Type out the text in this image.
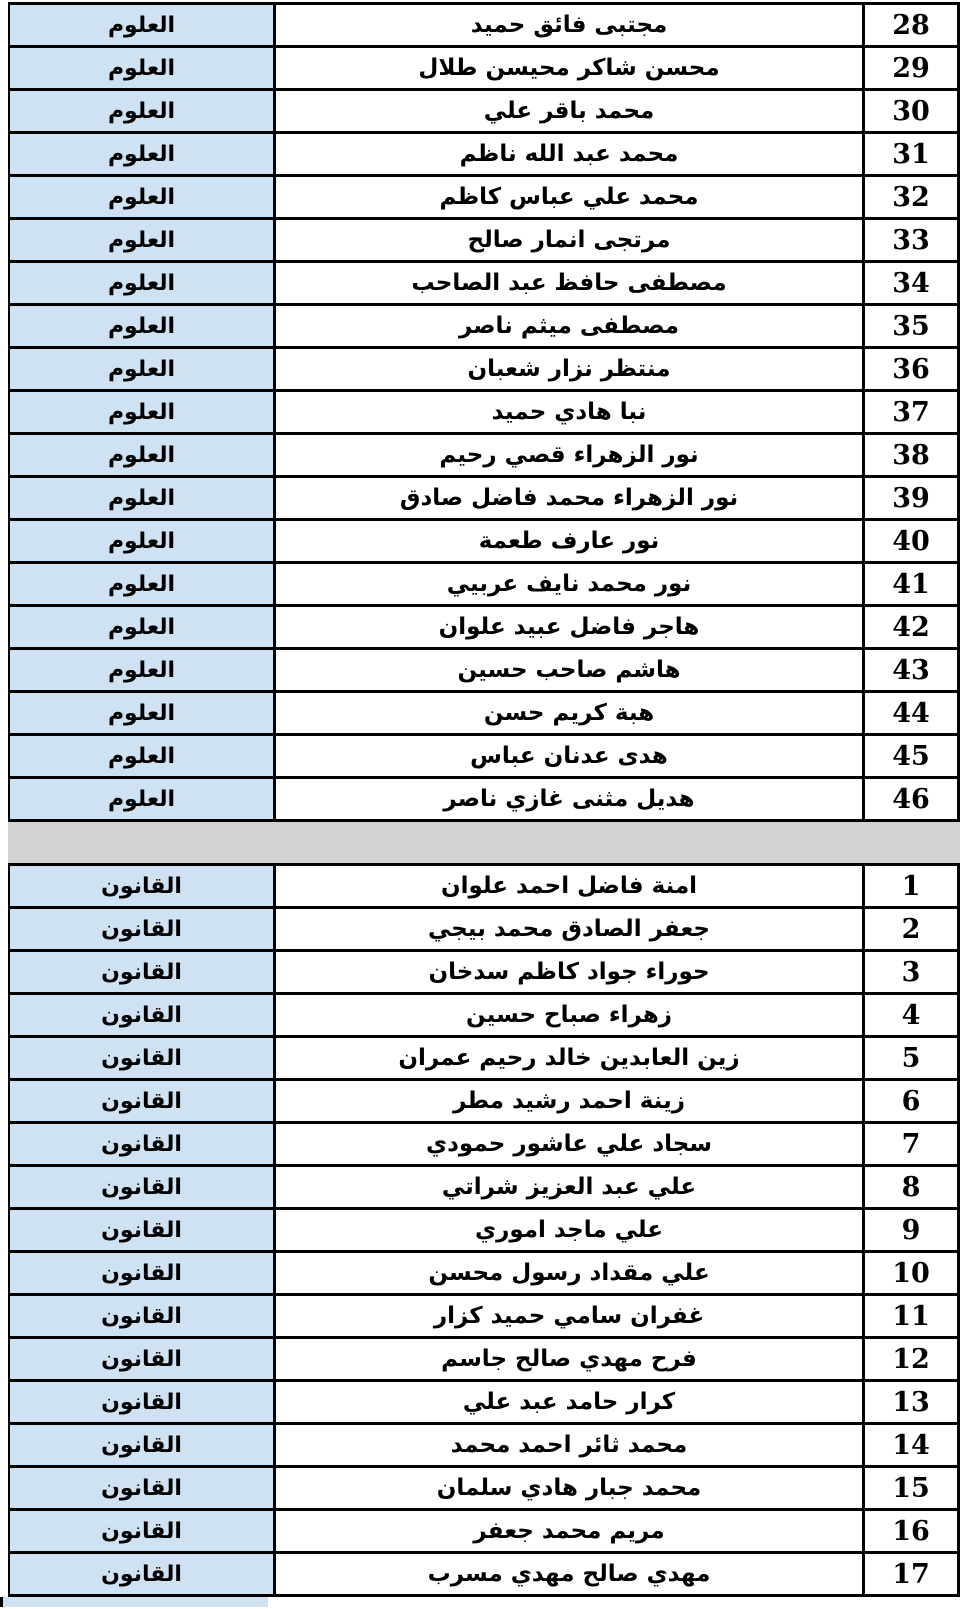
28
مجتبى فائق حميد
العلوم
29
محسن شاكر محيسن طلال
العلوم
30
محمد باقر علي
العلوم
31
محمد عبد الله ناظم
العلوم
32
محمد علي عباس كاظم
العلوم
33
مرتجى انمار صالح
العلوم
34
مصطفى حافظ عبد الصاحب
العلوم
35
مصطفى ميثم ناصر
العلوم
36
منتظر نزار شعبان
العلوم
37
نبا هادي حميد
العلوم
38
نور الزهراء قصي رحيم
العلوم
39
نور الزهراء محمد فاضل صادق
العلوم
40
نور عارف طعمة
العلوم
41
نور محمد نايف عربيي
العلوم
42
هاجر فاضل عبيد علوان
العلوم
43
هاشم صاحب حسين
العلوم
44
هبة كريم حسن
العلوم
45
هدى عدنان عباس
العلوم
46
هديل مثنى غازي ناصر
العلوم
1
امنة فاضل احمد علوان
القانون
2
جعفر الصادق محمد بيجي
القانون
3
حوراء جواد كاظم سدخان
القانون
4
زهراء صباح حسين
القانون
5
زين العابدين خالد رحيم عمران
القانون
6
زينة احمد رشيد مطر
القانون
7
سجاد علي عاشور حمودي
القانون
8
علي عبد العزيز شراتي
القانون
9
علي ماجد اموري
القانون
10
علي مقداد رسول محسن
القانون
11
غفران سامي حميد كزار
القانون
12
فرح مهدي صالح جاسم
القانون
13
كرار حامد عبد علي
القانون
14
محمد ثائر احمد محمد
القانون
15
محمد جبار هادي سلمان
القانون
16
مريم محمد جعفر
القانون
17
مهدي صالح مهدي مسرب
القانون
